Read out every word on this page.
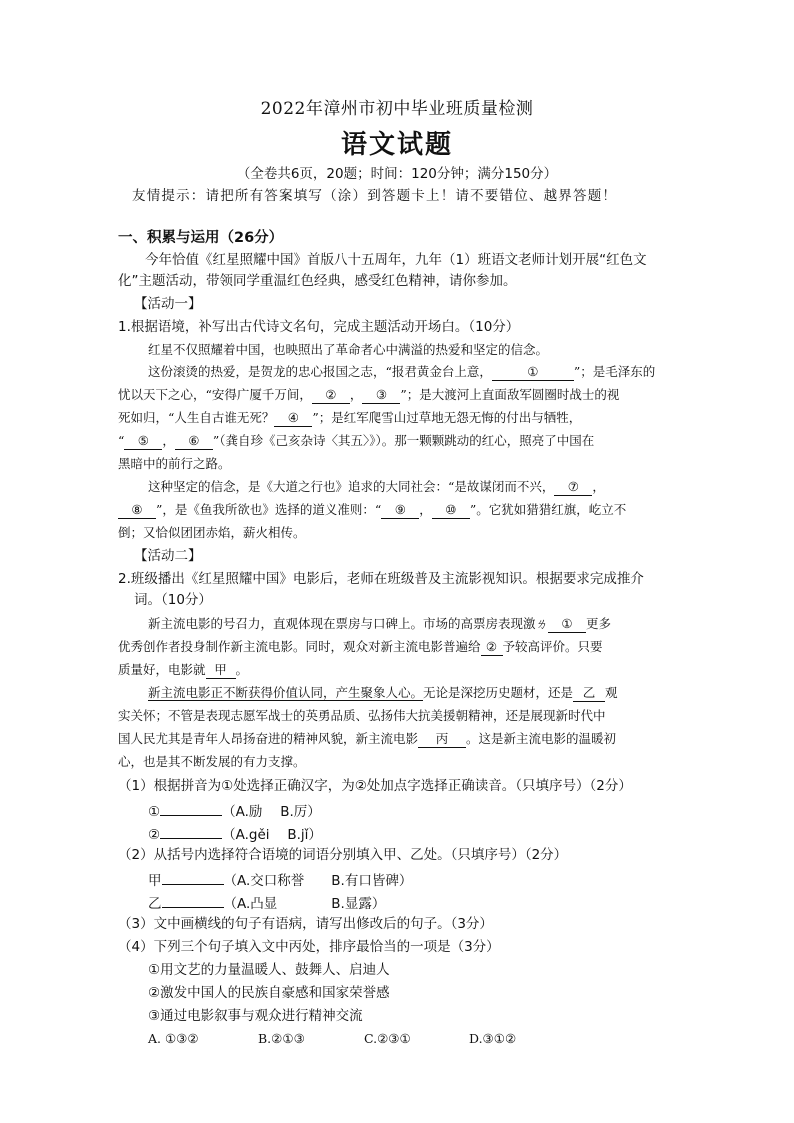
2022年漳州市初中毕业班质量检测
语文试题
（全卷共6页，20题；时间：120分钟；满分150分）
友情提示：请把所有答案填写（涂）到答题卡上！请不要错位、越界答题！
一、积累与运用（26分）
今年恰值《红星照耀中国》首版八十五周年，九年（1）班语文老师计划开展“红色文
化”主题活动，带领同学重温红色经典，感受红色精神，请你参加。
【活动一】
1.根据语境，补写出古代诗文名句，完成主题活动开场白。（10分）
红星不仅照耀着中国，也映照出了革命者心中满溢的热爱和坚定的信念。
这份滚烫的热爱，是贺龙的忠心报国之志，“报君黄金台上意，	①	”；是毛泽东的
忧以天下之心，“安得广厦千万间， ② ， ③ ”；是大渡河上直面敌军圆圈时战士的视
死如归，“人生自古谁无死？ ④ ”；是红军爬雪山过草地无怨无悔的付出与牺牲，
“ ⑤ ， ⑥ ”（龚自珍《己亥杂诗〈其五〉》）。那一颗颗跳动的红心，照亮了中国在
黑暗中的前行之路。
这种坚定的信念，是《大道之行也》追求的大同社会：“是故谋闭而不兴， ⑦ ，
⑧ ”，是《鱼我所欲也》选择的道义准则：“ ⑨ ， ⑩ ”。它犹如猎猎红旗，屹立不
倒；又恰似团团赤焰，薪火相传。
【活动二】
2.班级播出《红星照耀中国》电影后，老师在班级普及主流影视知识。根据要求完成推介
词。（10分）
新主流电影的号召力，直观体现在票房与口碑上。市场的高票房表现激ㄌ ① 更多
优秀创作者投身制作新主流电影。同时，观众对新主流电影普遍给 ② 予较高评价。只要
质量好，电影就 甲 。
新主流电影正不断获得价值认同，产生聚象人心。无论是深挖历史题材，还是 乙 观
实关怀；不管是表现志愿军战士的英勇品质、弘扬伟大抗美援朝精神，还是展现新时代中
国人民尤其是青年人昂扬奋进的精神风貌，新主流电影 丙 。这是新主流电影的温暖初
心，也是其不断发展的有力支撑。
（1）根据拼音为①处选择正确汉字，为②处加点字选择正确读音。（只填序号）（2分）
①	（A.励　 B.厉）
②	（A.gěi　 B.jǐ）
（2）从括号内选择符合语境的词语分别填入甲、乙处。（只填序号）（2分）
甲	（A.交口称誉　　B.有口皆碑）
乙	（A.凸显　　　　B.显露）
（3）文中画横线的句子有语病，请写出修改后的句子。（3分）
（4）下列三个句子填入文中丙处，排序最恰当的一项是（3分）
①用文艺的力量温暖人、鼓舞人、启迪人
②激发中国人的民族自豪感和国家荣誉感
③通过电影叙事与观众进行精神交流
A. ①③②	B.②①③	C.②③①	D.③①②
